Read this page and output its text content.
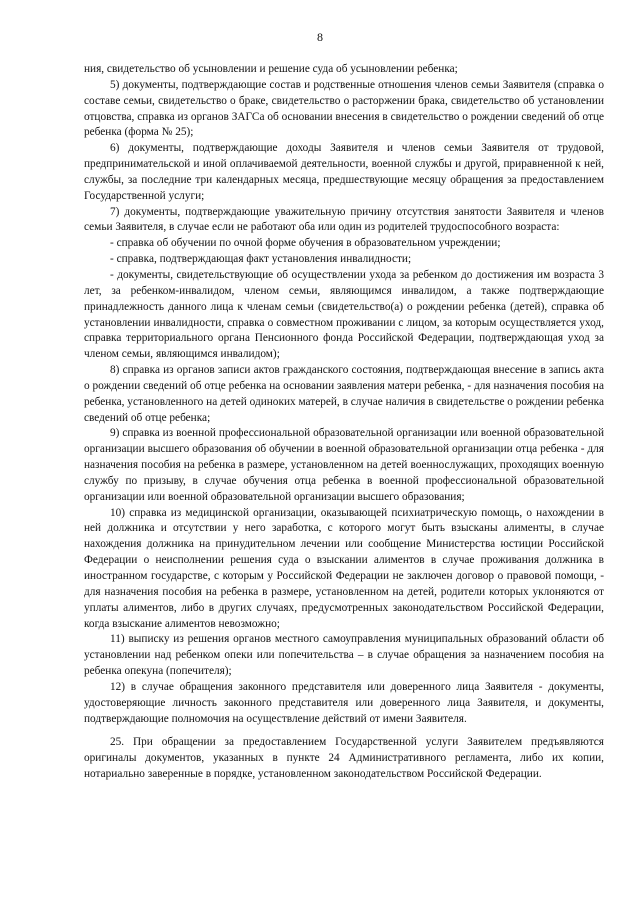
8

ния, свидетельство об усыновлении и решение суда об усыновлении ребенка;

5) документы, подтверждающие состав и родственные отношения членов семьи Заявителя (справка о составе семьи, свидетельство о браке, свидетельство о расторжении брака, свидетельство об установлении отцовства, справка из органов ЗАГСа об основании внесения в свидетельство о рождении сведений об отце ребенка (форма № 25);

6) документы, подтверждающие доходы Заявителя и членов семьи Заявителя от трудовой, предпринимательской и иной оплачиваемой деятельности, военной службы и другой, приравненной к ней, службы, за последние три календарных месяца, предшествующие месяцу обращения за предоставлением Государственной услуги;

7) документы, подтверждающие уважительную причину отсутствия занятости Заявителя и членов семьи Заявителя, в случае если не работают оба или один из родителей трудоспособного возраста:

- справка об обучении по очной форме обучения в образовательном учреждении;

- справка, подтверждающая факт установления инвалидности;

- документы, свидетельствующие об осуществлении ухода за ребенком до достижения им возраста 3 лет, за ребенком-инвалидом, членом семьи, являющимся инвалидом, а также подтверждающие принадлежность данного лица к членам семьи (свидетельство(а) о рождении ребенка (детей), справка об установлении инвалидности, справка о совместном проживании с лицом, за которым осуществляется уход, справка территориального органа Пенсионного фонда Российской Федерации, подтверждающая уход за членом семьи, являющимся инвалидом);

8) справка из органов записи актов гражданского состояния, подтверждающая внесение в запись акта о рождении сведений об отце ребенка на основании заявления матери ребенка, - для назначения пособия на ребенка, установленного на детей одиноких матерей, в случае наличия в свидетельстве о рождении ребенка сведений об отце ребенка;

9) справка из военной профессиональной образовательной организации или военной образовательной организации высшего образования об обучении в военной образовательной организации отца ребенка - для назначения пособия на ребенка в размере, установленном на детей военнослужащих, проходящих военную службу по призыву, в случае обучения отца ребенка в военной профессиональной образовательной организации или военной образовательной организации высшего образования;

10) справка из медицинской организации, оказывающей психиатрическую помощь, о нахождении в ней должника и отсутствии у него заработка, с которого могут быть взысканы алименты, в случае нахождения должника на принудительном лечении или сообщение Министерства юстиции Российской Федерации о неисполнении решения суда о взыскании алиментов в случае проживания должника в иностранном государстве, с которым у Российской Федерации не заключен договор о правовой помощи, - для назначения пособия на ребенка в размере, установленном на детей, родители которых уклоняются от уплаты алиментов, либо в других случаях, предусмотренных законодательством Российской Федерации, когда взыскание алиментов невозможно;

11) выписку из решения органов местного самоуправления муниципальных образований области об установлении над ребенком опеки или попечительства – в случае обращения за назначением пособия на ребенка опекуна (попечителя);

12) в случае обращения законного представителя или доверенного лица Заявителя - документы, удостоверяющие личность законного представителя или доверенного лица Заявителя, и документы, подтверждающие полномочия на осуществление действий от имени Заявителя.

25. При обращении за предоставлением Государственной услуги Заявителем предъявляются оригиналы документов, указанных в пункте 24 Административного регламента, либо их копии, нотариально заверенные в порядке, установленном законодательством Российской Федерации.
